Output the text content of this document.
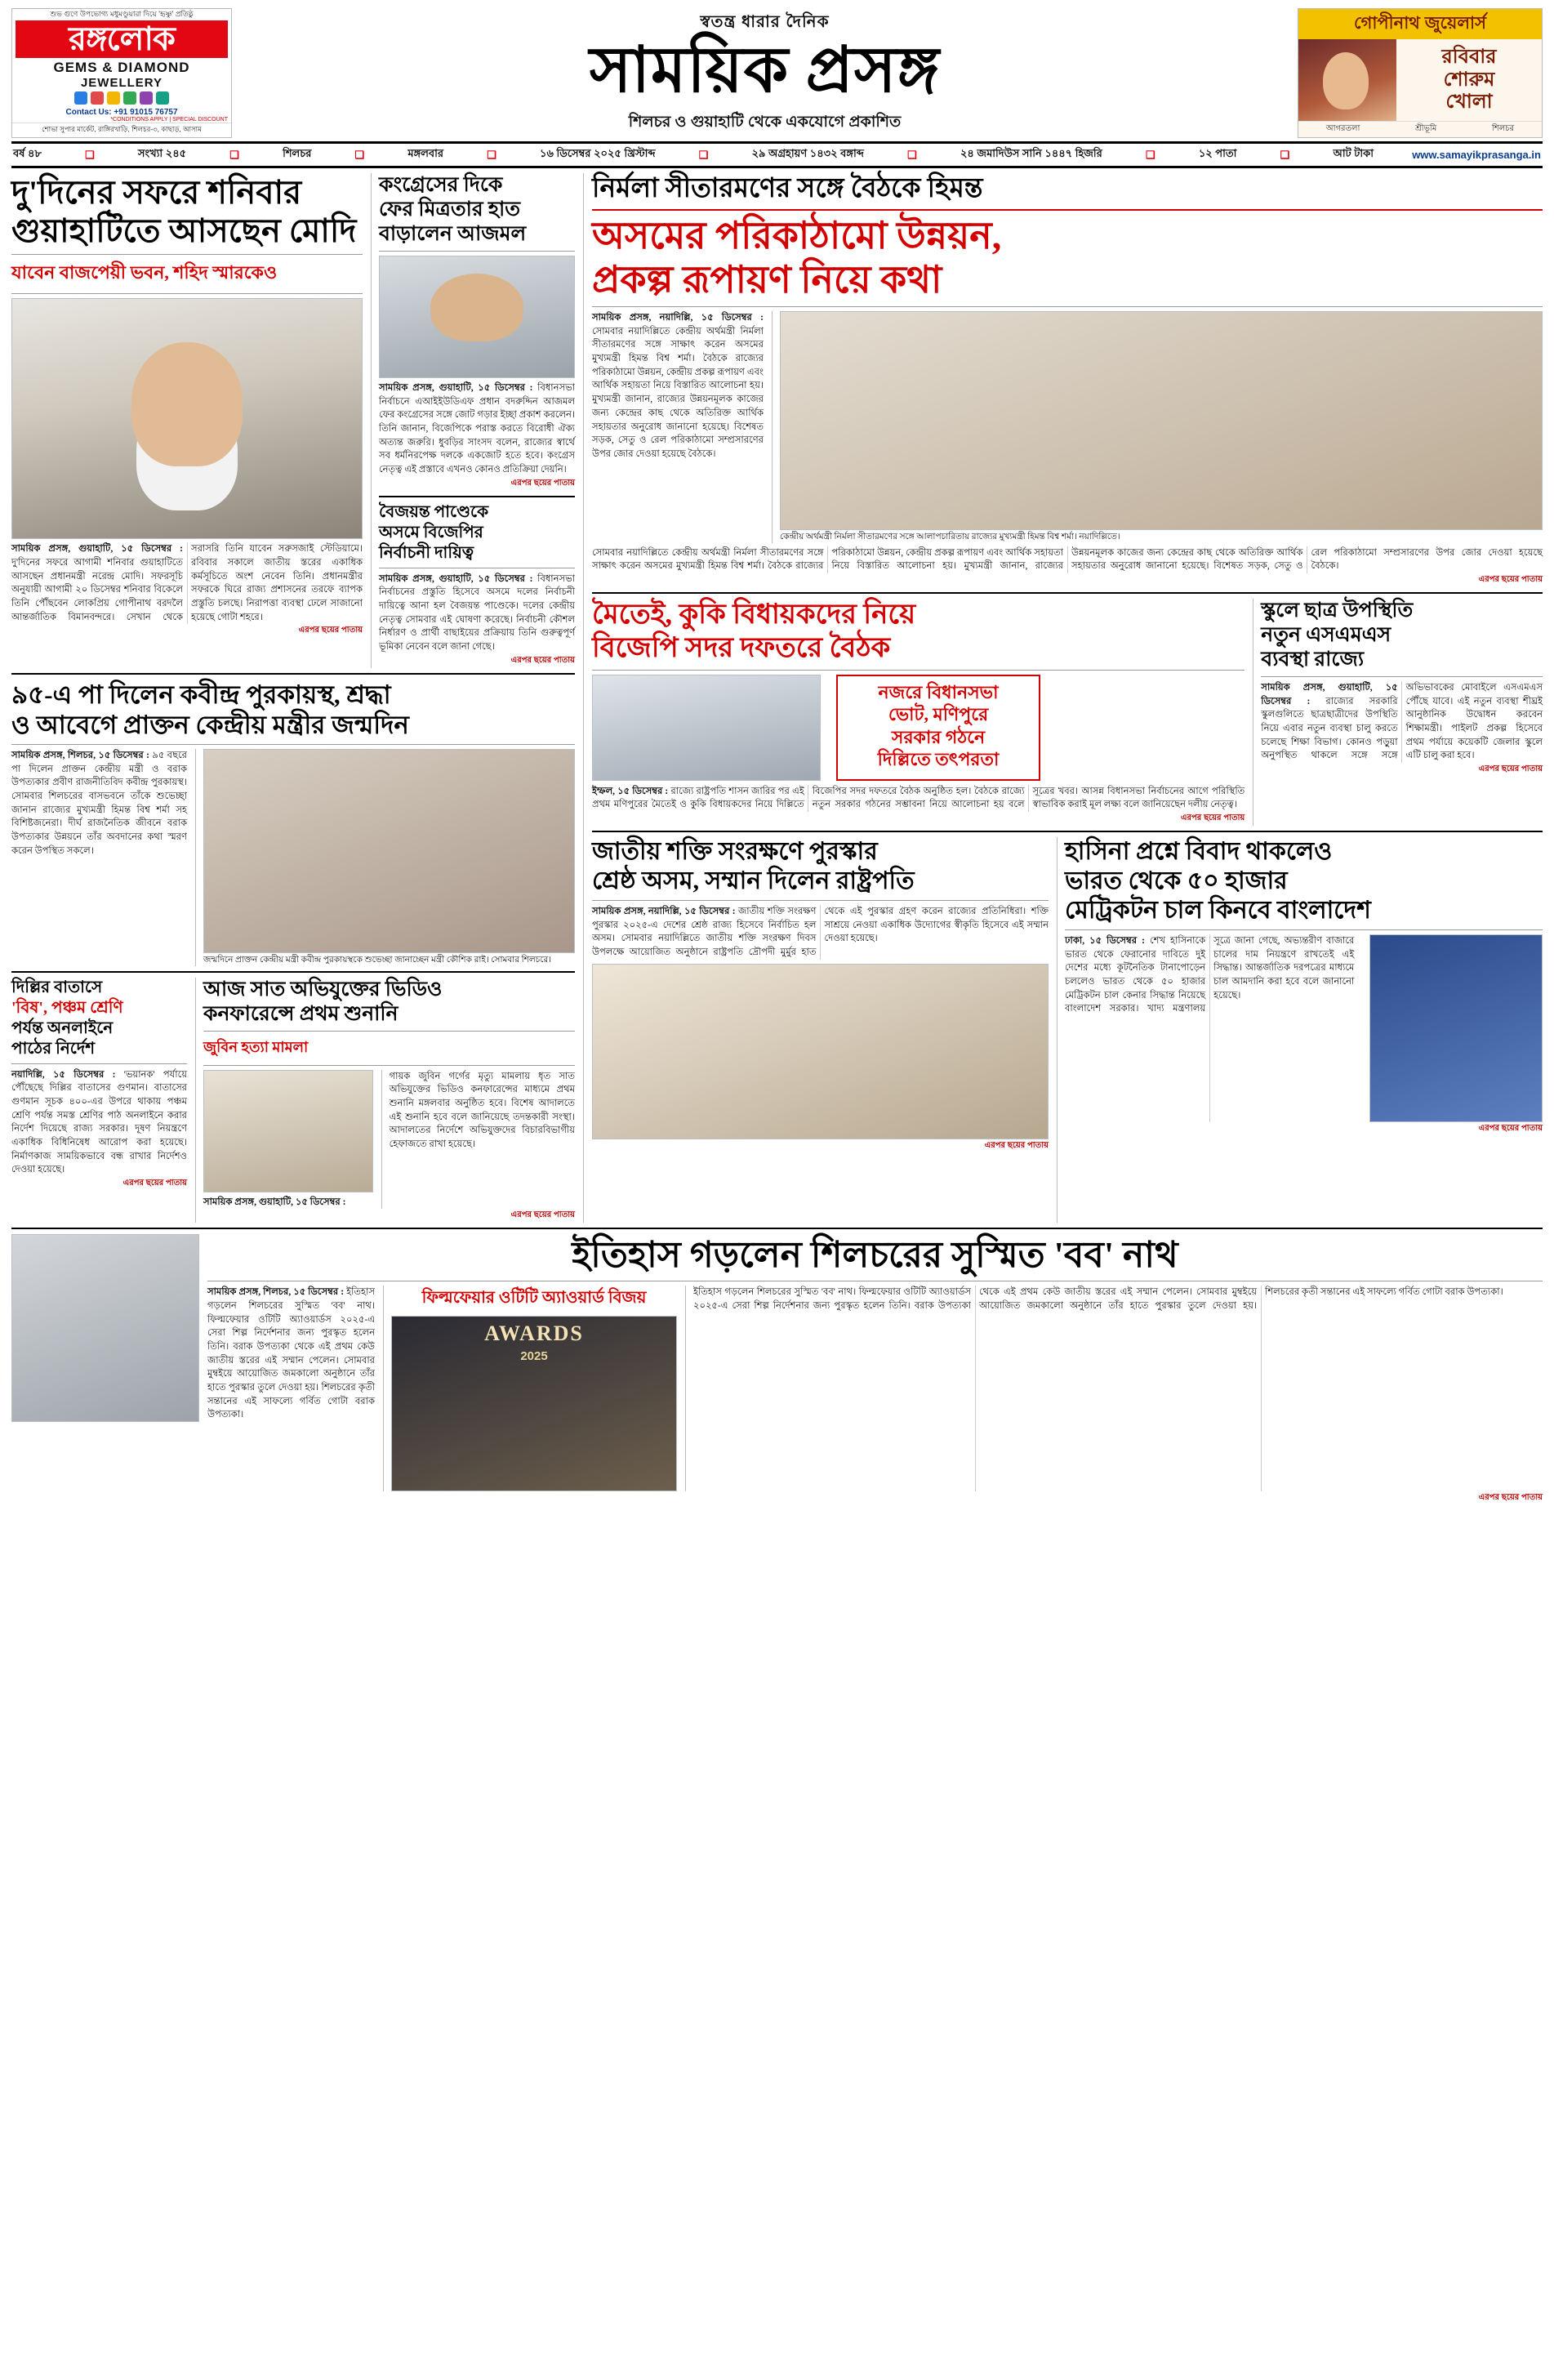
শুভ গুণে উপভোগ্য মধুমণ্ডুয়ারা দিয়ে 'হৃষ্ণু' প্রতিষ্ঠু
রঙ্গলোক
GEMS & DIAMOND
JEWELLERY
Contact Us: +91 91015 76757
*CONDITIONS APPLY | SPECIAL DISCOUNT
শোভা সুপার মার্কেট, রাঙ্গিরখাড়ি, শিলচর-৩, কাছাড়, আসাম
স্বতন্ত্র ধারার দৈনিক
সাময়িক প্রসঙ্গ
শিলচর ও গুয়াহাটি থেকে একযোগে প্রকাশিত
গোপীনাথ জুয়েলার্স
রবিবার
শোরুম
খোলা
আগরতলা	শ্রীভূমি	শিলচর
বর্ষ ৪৮	❑	সংখ্যা ২৪৫	❑	শিলচর	❑	মঙ্গলবার	❑	১৬ ডিসেম্বর ২০২৫ খ্রিস্টাব্দ	❑	২৯ অগ্রহায়ণ ১৪৩২ বঙ্গাব্দ	❑	২৪ জমাদিউস সানি ১৪৪৭ হিজরি	❑	১২ পাতা	❑	আট টাকা	www.samayikprasanga.in
দু'দিনের সফরে শনিবার
গুয়াহাটিতে আসছেন মোদি
যাবেন বাজপেয়ী ভবন, শহিদ স্মারকেও
সাময়িক প্রসঙ্গ, গুয়াহাটি, ১৫ ডিসেম্বর : দু'দিনের সফরে আগামী শনিবার গুয়াহাটিতে আসছেন প্রধানমন্ত্রী নরেন্দ্র মোদি। সফরসূচি অনুযায়ী আগামী ২০ ডিসেম্বর শনিবার বিকেলে তিনি পৌঁছবেন লোকপ্রিয় গোপীনাথ বরদলৈ আন্তর্জাতিক বিমানবন্দরে। সেখান থেকে সরাসরি তিনি যাবেন সরুসজাই স্টেডিয়ামে। রবিবার সকালে জাতীয় স্তরের একাধিক কর্মসূচিতে অংশ নেবেন তিনি। প্রধানমন্ত্রীর সফরকে ঘিরে রাজ্য প্রশাসনের তরফে ব্যাপক প্রস্তুতি চলছে। নিরাপত্তা ব্যবস্থা ঢেলে সাজানো হয়েছে গোটা শহরে।
এরপর ছয়ের পাতায়
কংগ্রেসের দিকে
ফের মিত্রতার হাত
বাড়ালেন আজমল
সাময়িক প্রসঙ্গ, গুয়াহাটি, ১৫ ডিসেম্বর : বিধানসভা নির্বাচনে এআইইউডিএফ প্রধান বদরুদ্দিন আজমল ফের কংগ্রেসের সঙ্গে জোট গড়ার ইচ্ছা প্রকাশ করলেন। তিনি জানান, বিজেপিকে পরাস্ত করতে বিরোধী ঐক্য অত্যন্ত জরুরি। ধুবড়ির সাংসদ বলেন, রাজ্যের স্বার্থে সব ধর্মনিরপেক্ষ দলকে একজোট হতে হবে। কংগ্রেস নেতৃত্ব এই প্রস্তাবে এখনও কোনও প্রতিক্রিয়া দেয়নি।
এরপর ছয়ের পাতায়
বৈজয়ন্ত পাণ্ডেকে
অসমে বিজেপির
নির্বাচনী দায়িত্ব
সাময়িক প্রসঙ্গ, গুয়াহাটি, ১৫ ডিসেম্বর : বিধানসভা নির্বাচনের প্রস্তুতি হিসেবে অসমে দলের নির্বাচনী দায়িত্বে আনা হল বৈজয়ন্ত পাণ্ডেকে। দলের কেন্দ্রীয় নেতৃত্ব সোমবার এই ঘোষণা করেছে। নির্বাচনী কৌশল নির্ধারণ ও প্রার্থী বাছাইয়ের প্রক্রিয়ায় তিনি গুরুত্বপূর্ণ ভূমিকা নেবেন বলে জানা গেছে।
এরপর ছয়ের পাতায়
৯৫-এ পা দিলেন কবীন্দ্র পুরকায়স্থ, শ্রদ্ধা
ও আবেগে প্রাক্তন কেন্দ্রীয় মন্ত্রীর জন্মদিন
সাময়িক প্রসঙ্গ, শিলচর, ১৫ ডিসেম্বর : ৯৫ বছরে পা দিলেন প্রাক্তন কেন্দ্রীয় মন্ত্রী ও বরাক উপত্যকার প্রবীণ রাজনীতিবিদ কবীন্দ্র পুরকায়স্থ। সোমবার শিলচরের বাসভবনে তাঁকে শুভেচ্ছা জানান রাজ্যের মুখ্যমন্ত্রী হিমন্ত বিশ্ব শর্মা সহ বিশিষ্টজনেরা। দীর্ঘ রাজনৈতিক জীবনে বরাক উপত্যকার উন্নয়নে তাঁর অবদানের কথা স্মরণ করেন উপস্থিত সকলে।
জন্মদিনে প্রাক্তন কেন্দ্রীয় মন্ত্রী কবীন্দ্র পুরকায়স্থকে শুভেচ্ছা জানাচ্ছেন মন্ত্রী কৌশিক রাই। সোমবার শিলচরে।
দিল্লির বাতাসে
'বিষ', পঞ্চম শ্রেণি
পর্যন্ত অনলাইনে
পাঠের নির্দেশ
নয়াদিল্লি, ১৫ ডিসেম্বর : 'ভয়ানক' পর্যায়ে পৌঁছেছে দিল্লির বাতাসের গুণমান। বাতাসের গুণমান সূচক ৪০০-এর উপরে থাকায় পঞ্চম শ্রেণি পর্যন্ত সমস্ত শ্রেণির পাঠ অনলাইনে করার নির্দেশ দিয়েছে রাজ্য সরকার। দূষণ নিয়ন্ত্রণে একাধিক বিধিনিষেধ আরোপ করা হয়েছে। নির্মাণকাজ সাময়িকভাবে বন্ধ রাখার নির্দেশও দেওয়া হয়েছে।
এরপর ছয়ের পাতায়
আজ সাত অভিযুক্তের ভিডিও
কনফারেন্সে প্রথম শুনানি
জুবিন হত্যা মামলা
সাময়িক প্রসঙ্গ, গুয়াহাটি, ১৫ ডিসেম্বর :
গায়ক জুবিন গর্গের মৃত্যু মামলায় ধৃত সাত অভিযুক্তের ভিডিও কনফারেন্সের মাধ্যমে প্রথম শুনানি মঙ্গলবার অনুষ্ঠিত হবে। বিশেষ আদালতে এই শুনানি হবে বলে জানিয়েছে তদন্তকারী সংস্থা। আদালতের নির্দেশে অভিযুক্তদের বিচারবিভাগীয় হেফাজতে রাখা হয়েছে।
এরপর ছয়ের পাতায়
নির্মলা সীতারমণের সঙ্গে বৈঠকে হিমন্ত
অসমের পরিকাঠামো উন্নয়ন,
প্রকল্প রূপায়ণ নিয়ে কথা
সাময়িক প্রসঙ্গ, নয়াদিল্লি, ১৫ ডিসেম্বর : সোমবার নয়াদিল্লিতে কেন্দ্রীয় অর্থমন্ত্রী নির্মলা সীতারমণের সঙ্গে সাক্ষাৎ করেন অসমের মুখ্যমন্ত্রী হিমন্ত বিশ্ব শর্মা। বৈঠকে রাজ্যের পরিকাঠামো উন্নয়ন, কেন্দ্রীয় প্রকল্প রূপায়ণ এবং আর্থিক সহায়তা নিয়ে বিস্তারিত আলোচনা হয়। মুখ্যমন্ত্রী জানান, রাজ্যের উন্নয়নমূলক কাজের জন্য কেন্দ্রের কাছ থেকে অতিরিক্ত আর্থিক সহায়তার অনুরোধ জানানো হয়েছে। বিশেষত সড়ক, সেতু ও রেল পরিকাঠামো সম্প্রসারণের উপর জোর দেওয়া হয়েছে বৈঠকে।
কেন্দ্রীয় অর্থমন্ত্রী নির্মলা সীতারমণের সঙ্গে আলাপচারিতায় রাজ্যের মুখ্যমন্ত্রী হিমন্ত বিশ্ব শর্মা। নয়াদিল্লিতে।
সোমবার নয়াদিল্লিতে কেন্দ্রীয় অর্থমন্ত্রী নির্মলা সীতারমণের সঙ্গে সাক্ষাৎ করেন অসমের মুখ্যমন্ত্রী হিমন্ত বিশ্ব শর্মা। বৈঠকে রাজ্যের পরিকাঠামো উন্নয়ন, কেন্দ্রীয় প্রকল্প রূপায়ণ এবং আর্থিক সহায়তা নিয়ে বিস্তারিত আলোচনা হয়। মুখ্যমন্ত্রী জানান, রাজ্যের উন্নয়নমূলক কাজের জন্য কেন্দ্রের কাছ থেকে অতিরিক্ত আর্থিক সহায়তার অনুরোধ জানানো হয়েছে। বিশেষত সড়ক, সেতু ও রেল পরিকাঠামো সম্প্রসারণের উপর জোর দেওয়া হয়েছে বৈঠকে।
এরপর ছয়ের পাতায়
মৈতেই, কুকি বিধায়কদের নিয়ে
বিজেপি সদর দফতরে বৈঠক
নজরে বিধানসভা
ভোট, মণিপুরে
সরকার গঠনে
দিল্লিতে তৎপরতা
ইম্ফল, ১৫ ডিসেম্বর : রাজ্যে রাষ্ট্রপতি শাসন জারির পর এই প্রথম মণিপুরের মৈতেই ও কুকি বিধায়কদের নিয়ে দিল্লিতে বিজেপির সদর দফতরে বৈঠক অনুষ্ঠিত হল। বৈঠকে রাজ্যে নতুন সরকার গঠনের সম্ভাবনা নিয়ে আলোচনা হয় বলে সূত্রের খবর। আসন্ন বিধানসভা নির্বাচনের আগে পরিস্থিতি স্বাভাবিক করাই মূল লক্ষ্য বলে জানিয়েছেন দলীয় নেতৃত্ব।
এরপর ছয়ের পাতায়
স্কুলে ছাত্র উপস্থিতি
নতুন এসএমএস
ব্যবস্থা রাজ্যে
সাময়িক প্রসঙ্গ, গুয়াহাটি, ১৫ ডিসেম্বর : রাজ্যের সরকারি স্কুলগুলিতে ছাত্রছাত্রীদের উপস্থিতি নিয়ে এবার নতুন ব্যবস্থা চালু করতে চলেছে শিক্ষা বিভাগ। কোনও পড়ুয়া অনুপস্থিত থাকলে সঙ্গে সঙ্গে অভিভাবকের মোবাইলে এসএমএস পৌঁছে যাবে। এই নতুন ব্যবস্থা শীঘ্রই আনুষ্ঠানিক উদ্বোধন করবেন শিক্ষামন্ত্রী। পাইলট প্রকল্প হিসেবে প্রথম পর্যায়ে কয়েকটি জেলার স্কুলে এটি চালু করা হবে।
এরপর ছয়ের পাতায়
জাতীয় শক্তি সংরক্ষণে পুরস্কার
শ্রেষ্ঠ অসম, সম্মান দিলেন রাষ্ট্রপতি
সাময়িক প্রসঙ্গ, নয়াদিল্লি, ১৫ ডিসেম্বর : জাতীয় শক্তি সংরক্ষণ পুরস্কার ২০২৫-এ দেশের শ্রেষ্ঠ রাজ্য হিসেবে নির্বাচিত হল অসম। সোমবার নয়াদিল্লিতে জাতীয় শক্তি সংরক্ষণ দিবস উপলক্ষে আয়োজিত অনুষ্ঠানে রাষ্ট্রপতি দ্রৌপদী মুর্মুর হাত থেকে এই পুরস্কার গ্রহণ করেন রাজ্যের প্রতিনিধিরা। শক্তি সাশ্রয়ে নেওয়া একাধিক উদ্যোগের স্বীকৃতি হিসেবে এই সম্মান দেওয়া হয়েছে।
এরপর ছয়ের পাতায়
হাসিনা প্রশ্নে বিবাদ থাকলেও
ভারত থেকে ৫০ হাজার
মেট্রিকটন চাল কিনবে বাংলাদেশ
ঢাকা, ১৫ ডিসেম্বর : শেখ হাসিনাকে ভারত থেকে ফেরানোর দাবিতে দুই দেশের মধ্যে কূটনৈতিক টানাপোড়েন চললেও ভারত থেকে ৫০ হাজার মেট্রিকটন চাল কেনার সিদ্ধান্ত নিয়েছে বাংলাদেশ সরকার। খাদ্য মন্ত্রণালয় সূত্রে জানা গেছে, অভ্যন্তরীণ বাজারে চালের দাম নিয়ন্ত্রণে রাখতেই এই সিদ্ধান্ত। আন্তর্জাতিক দরপত্রের মাধ্যমে চাল আমদানি করা হবে বলে জানানো হয়েছে।
এরপর ছয়ের পাতায়
ইতিহাস গড়লেন শিলচরের সুস্মিত 'বব' নাথ
সাময়িক প্রসঙ্গ, শিলচর, ১৫ ডিসেম্বর : ইতিহাস গড়লেন শিলচরের সুস্মিত 'বব' নাথ। ফিল্মফেয়ার ওটিটি অ্যাওয়ার্ডস ২০২৫-এ সেরা শিল্প নির্দেশনার জন্য পুরস্কৃত হলেন তিনি। বরাক উপত্যকা থেকে এই প্রথম কেউ জাতীয় স্তরের এই সম্মান পেলেন। সোমবার মুম্বইয়ে আয়োজিত জমকালো অনুষ্ঠানে তাঁর হাতে পুরস্কার তুলে দেওয়া হয়। শিলচরের কৃতী সন্তানের এই সাফল্যে গর্বিত গোটা বরাক উপত্যকা।
ফিল্মফেয়ার ওটিটি অ্যাওয়ার্ড বিজয়
AWARDS
2025
ইতিহাস গড়লেন শিলচরের সুস্মিত 'বব' নাথ। ফিল্মফেয়ার ওটিটি অ্যাওয়ার্ডস ২০২৫-এ সেরা শিল্প নির্দেশনার জন্য পুরস্কৃত হলেন তিনি। বরাক উপত্যকা থেকে এই প্রথম কেউ জাতীয় স্তরের এই সম্মান পেলেন। সোমবার মুম্বইয়ে আয়োজিত জমকালো অনুষ্ঠানে তাঁর হাতে পুরস্কার তুলে দেওয়া হয়। শিলচরের কৃতী সন্তানের এই সাফল্যে গর্বিত গোটা বরাক উপত্যকা।
এরপর ছয়ের পাতায়
